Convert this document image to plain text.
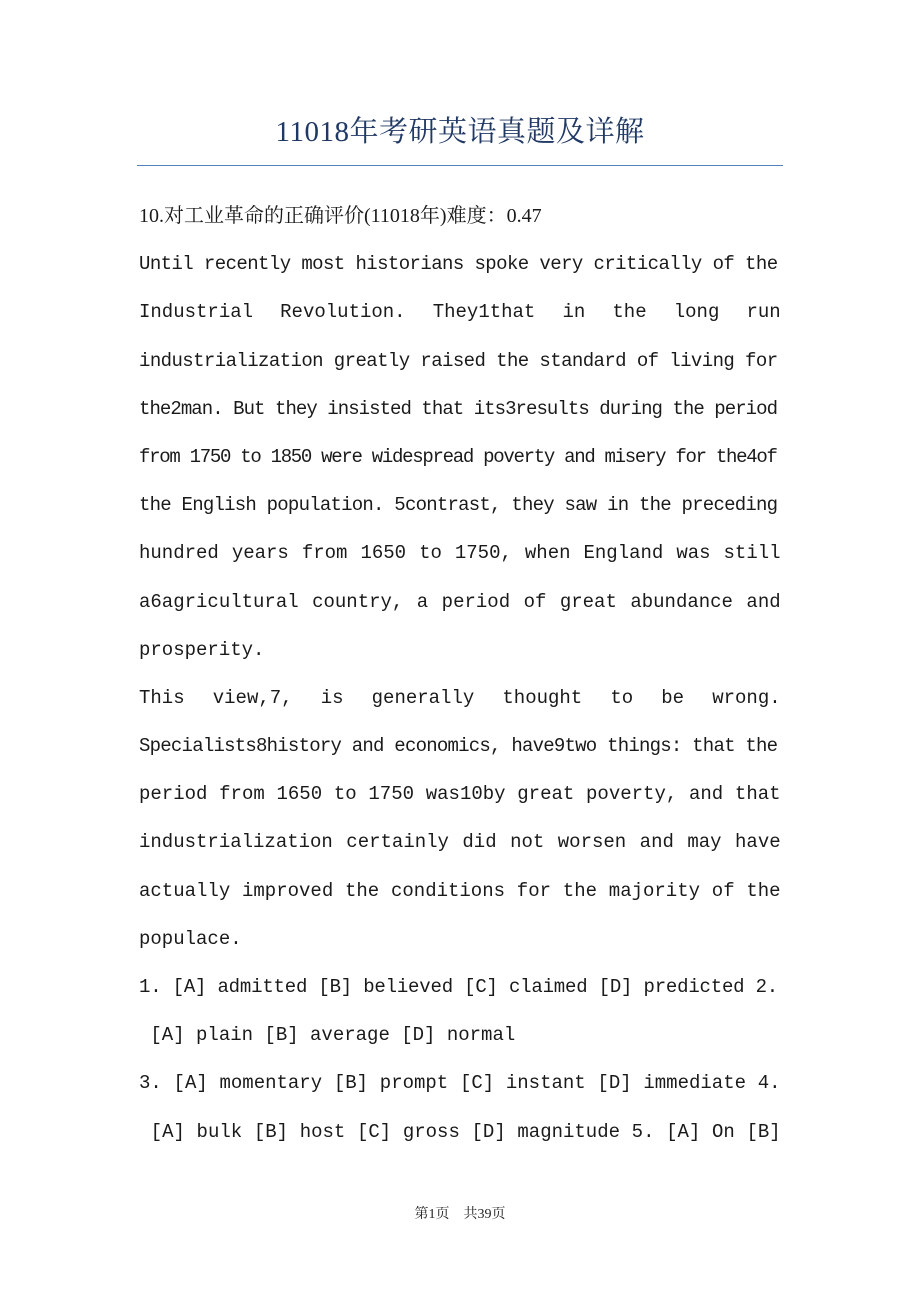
11018年考研英语真题及详解
10.对工业革命的正确评价(11018年)难度：0.47
Until recently most historians spoke very critically of the
Industrial Revolution. They1that in the long run
industrialization greatly raised the standard of living for
the2man. But they insisted that its3results during the period
from 1750 to 1850 were widespread poverty and misery for the4of
the English population. 5contrast, they saw in the preceding
hundred years from 1650 to 1750, when England was still
a6agricultural country, a period of great abundance and
prosperity.
This view,7, is generally thought to be wrong.
Specialists8history and economics, have9two things: that the
period from 1650 to 1750 was10by great poverty, and that
industrialization certainly did not worsen and may have
actually improved the conditions for the majority of the
populace.
1. [A] admitted [B] believed [C] claimed [D] predicted 2.
[A] plain [B] average [D] normal
3. [A] momentary [B] prompt [C] instant [D] immediate 4.
[A] bulk [B] host [C] gross [D] magnitude 5. [A] On [B]
第1页 共39页
